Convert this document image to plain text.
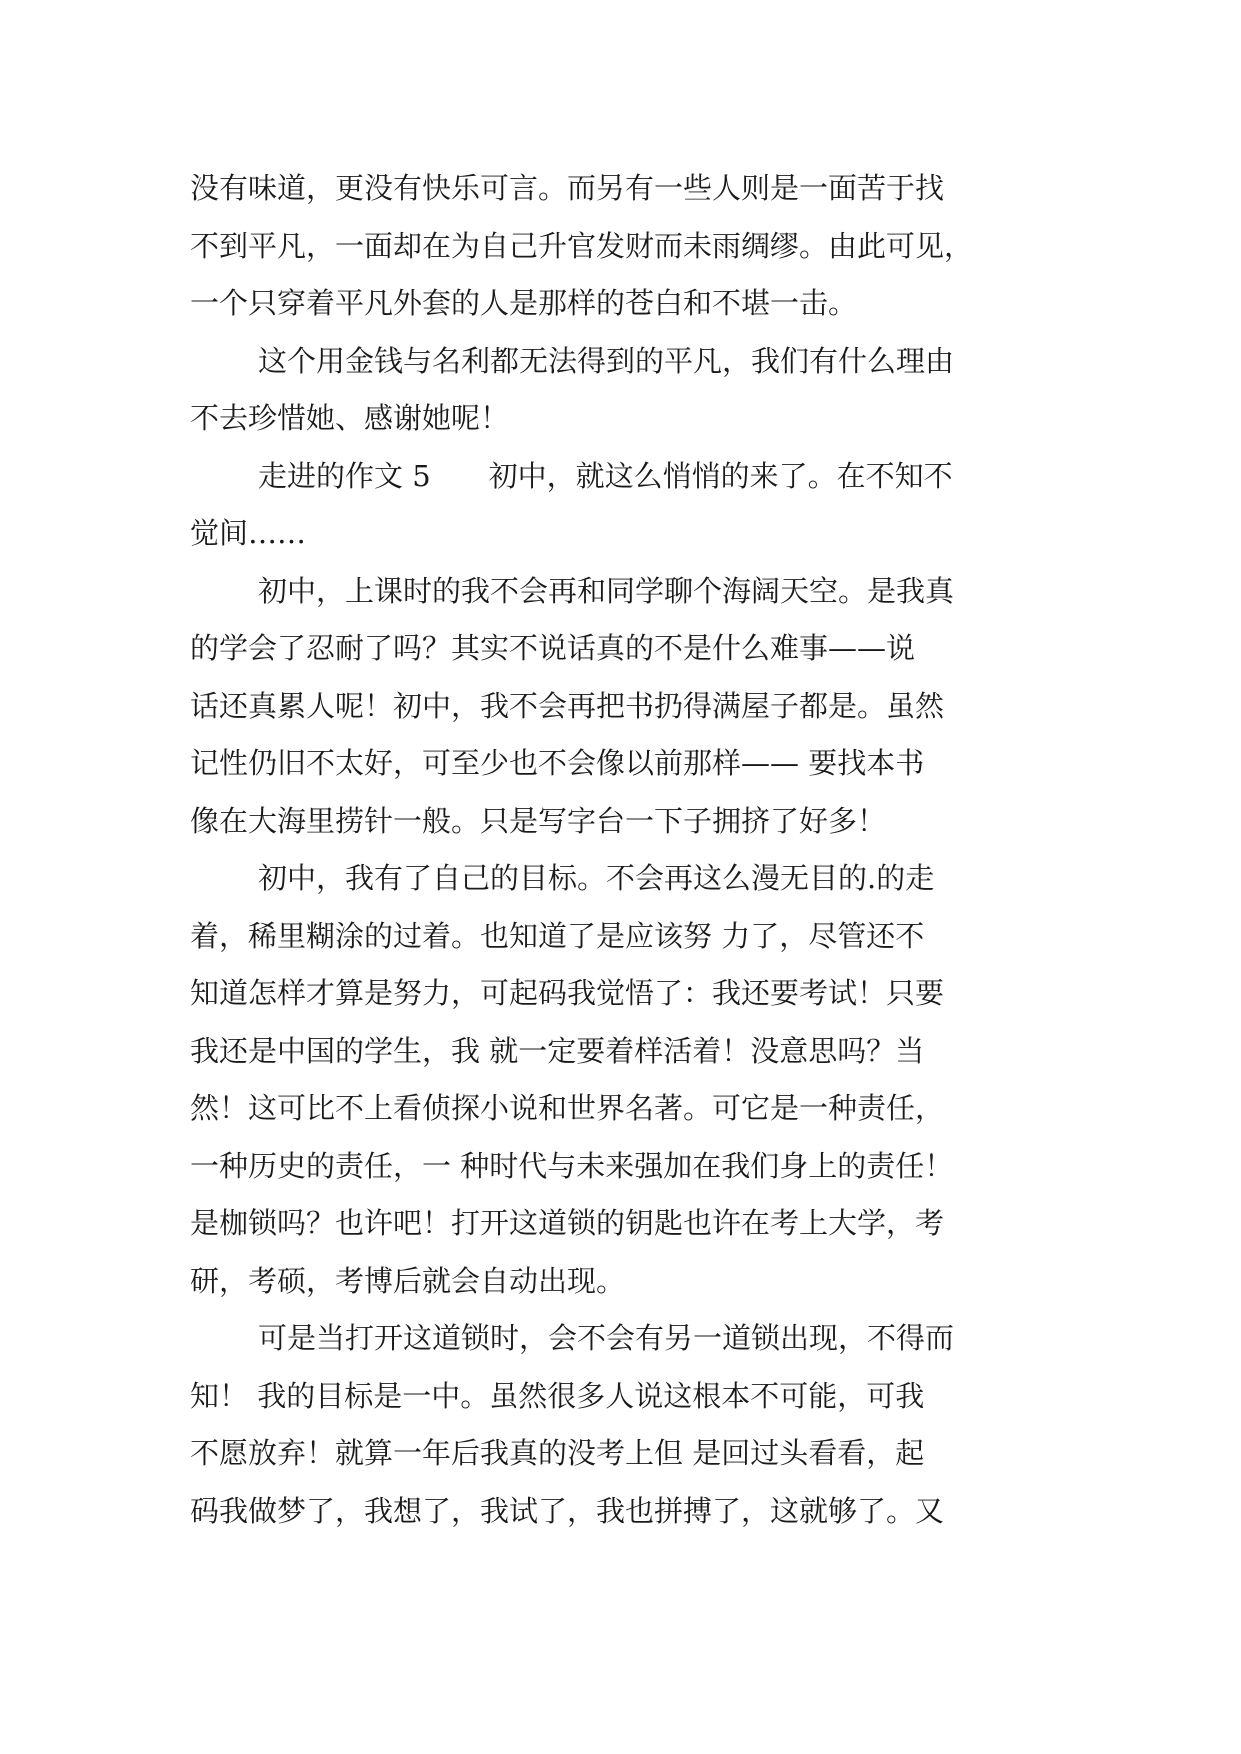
没有味道，更没有快乐可言。而另有一些人则是一面苦于找
不到平凡，一面却在为自己升官发财而未雨绸缪。由此可见，
一个只穿着平凡外套的人是那样的苍白和不堪一击。
这个用金钱与名利都无法得到的平凡，我们有什么理由
不去珍惜她、感谢她呢！
走进的作文 5　　初中，就这么悄悄的来了。在不知不
觉间……
初中，上课时的我不会再和同学聊个海阔天空。是我真
的学会了忍耐了吗？其实不说话真的不是什么难事——说
话还真累人呢！初中，我不会再把书扔得满屋子都是。虽然
记性仍旧不太好，可至少也不会像以前那样—— 要找本书
像在大海里捞针一般。只是写字台一下子拥挤了好多！
初中，我有了自己的目标。不会再这么漫无目的.的走
着，稀里糊涂的过着。也知道了是应该努 力了，尽管还不
知道怎样才算是努力，可起码我觉悟了：我还要考试！只要
我还是中国的学生，我 就一定要着样活着！没意思吗？当
然！这可比不上看侦探小说和世界名著。可它是一种责任，
一种历史的责任，一 种时代与未来强加在我们身上的责任！
是枷锁吗？也许吧！打开这道锁的钥匙也许在考上大学，考
研，考硕，考博后就会自动出现。
可是当打开这道锁时，会不会有另一道锁出现，不得而
知！ 我的目标是一中。虽然很多人说这根本不可能，可我
不愿放弃！就算一年后我真的没考上但 是回过头看看，起
码我做梦了，我想了，我试了，我也拼搏了，这就够了。又
